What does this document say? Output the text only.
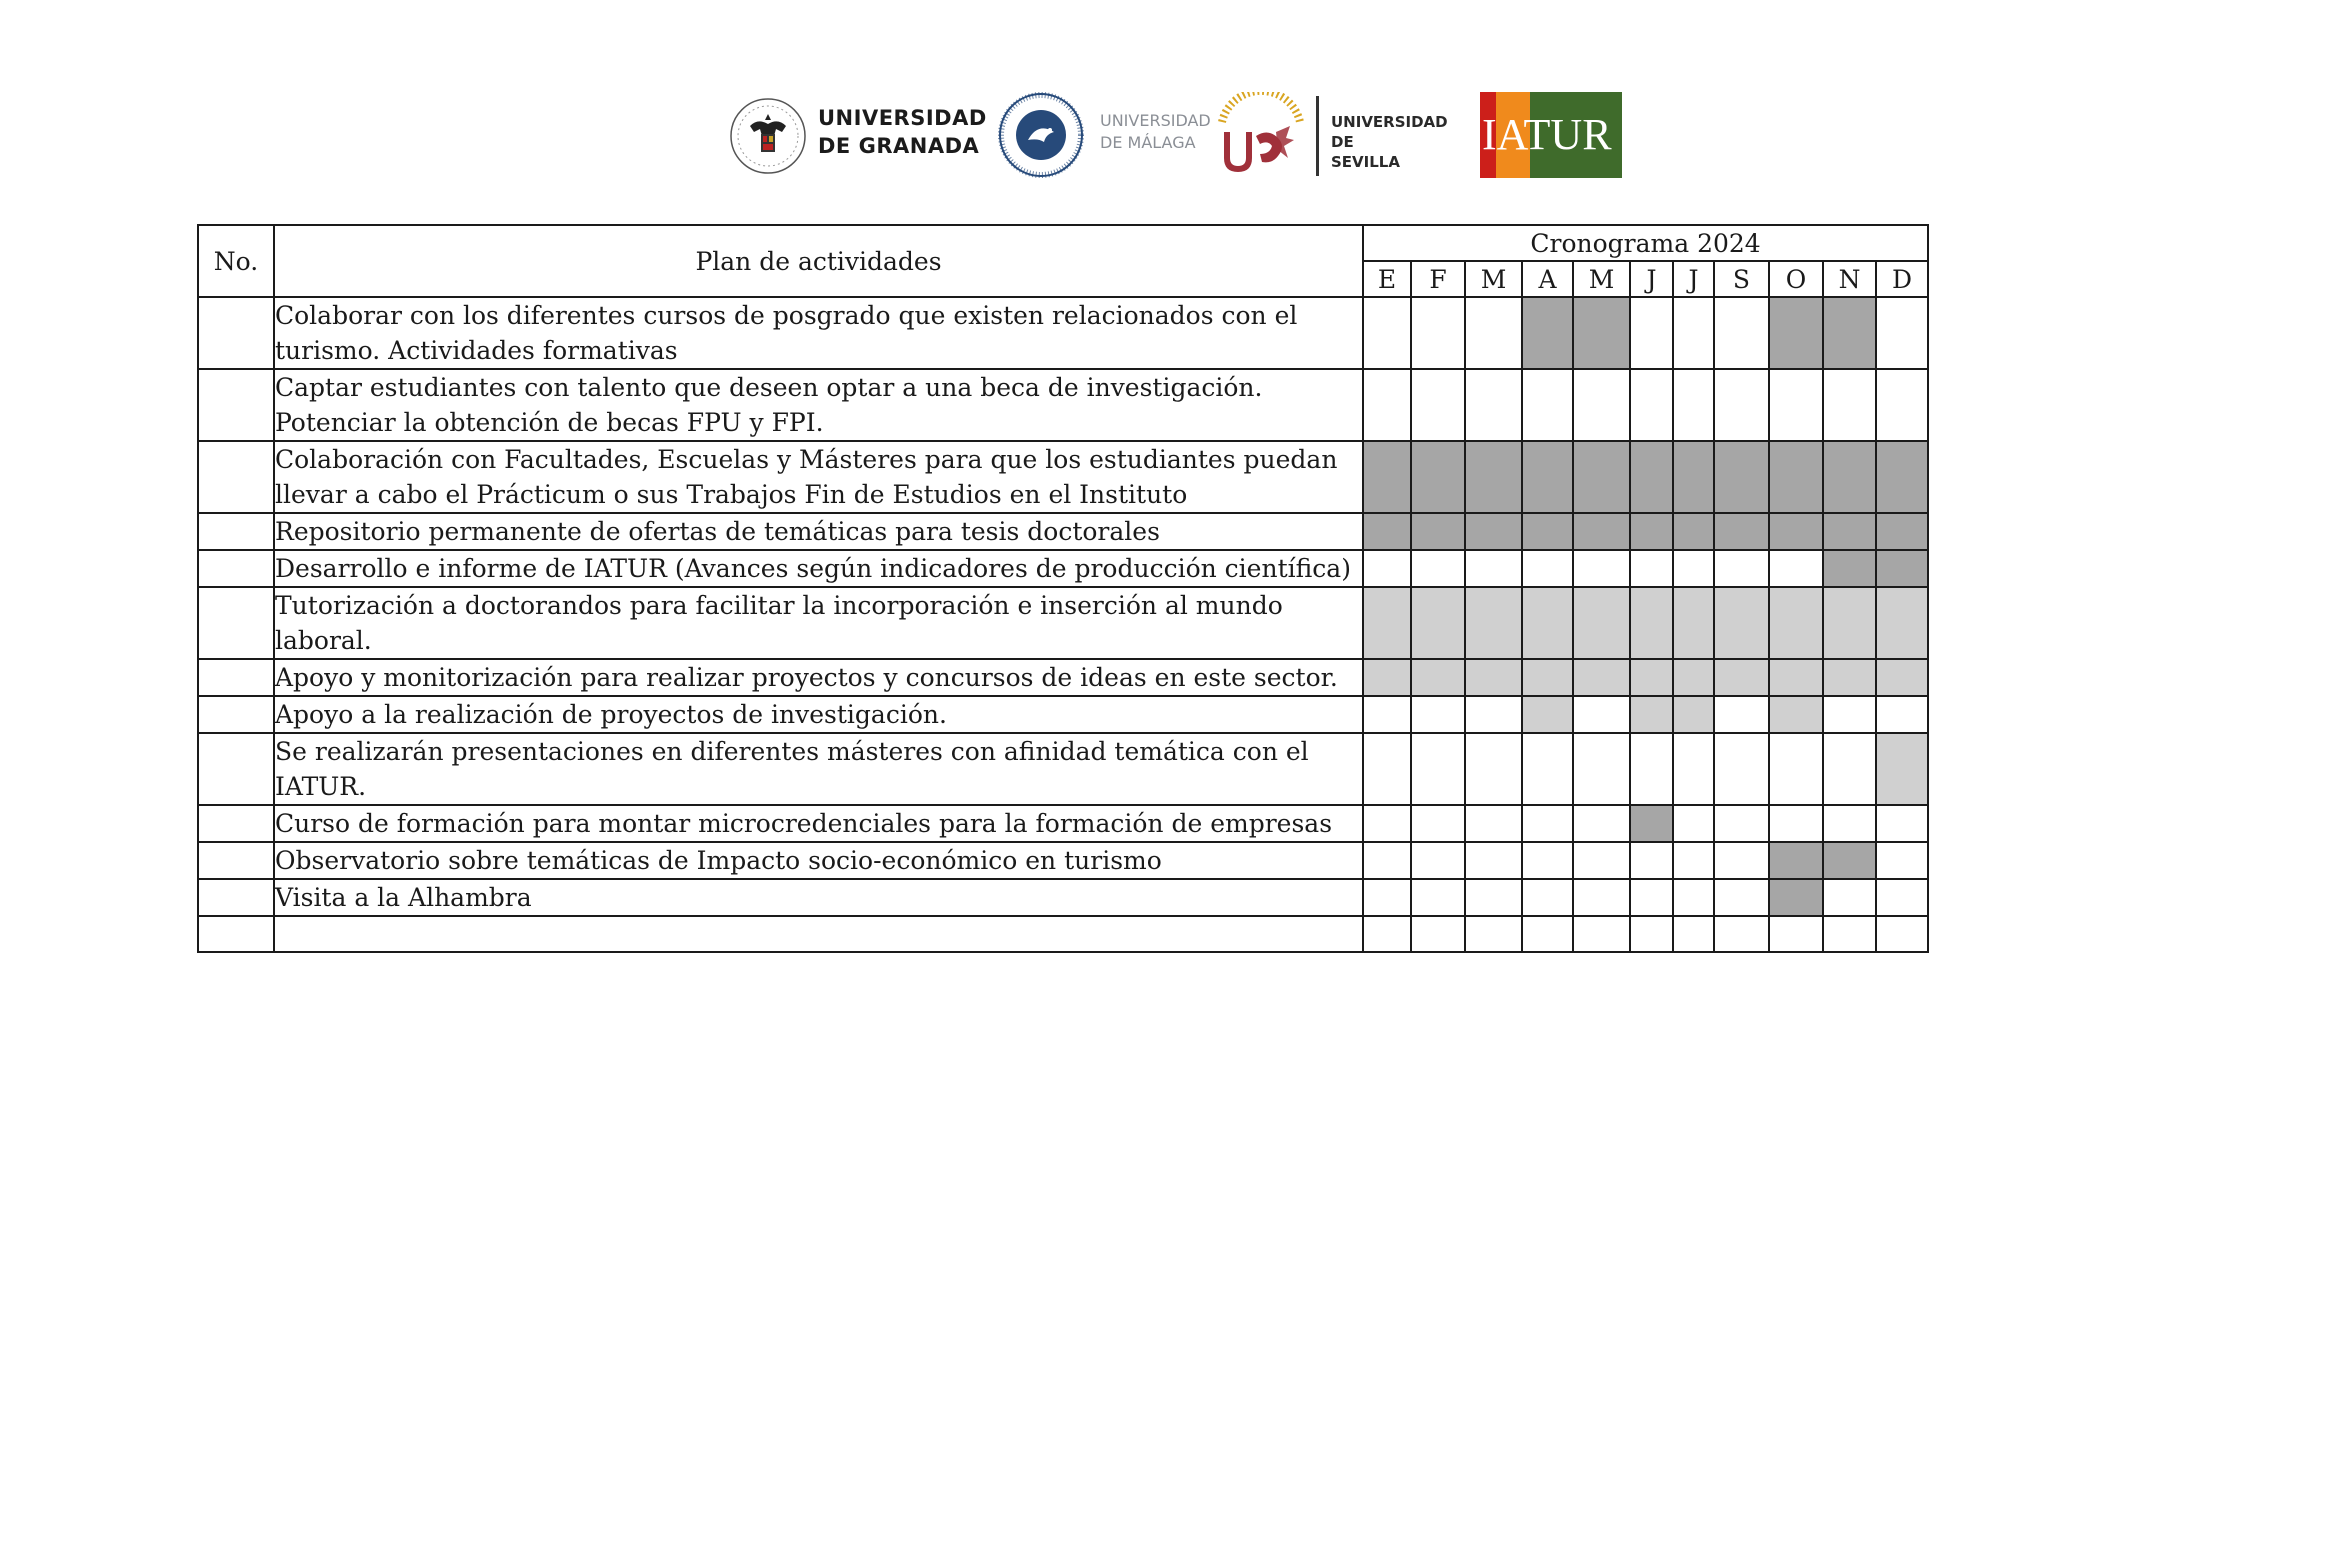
UNIVERSIDAD
DE GRANADA
UNIVERSIDAD
DE MÁLAGA
UNIVERSIDAD DE
SEVILLA
IATUR
No.	Plan de actividades	Cronograma 2024										
		E	F	M	A	M	J	J	S	O	N	D
	Colaborar con los diferentes cursos de posgrado que existen relacionados con el turismo. Actividades formativas											
	Captar estudiantes con talento que deseen optar a una beca de investigación. Potenciar la obtención de becas FPU y FPI.											
	Colaboración con Facultades, Escuelas y Másteres para que los estudiantes puedan llevar a cabo el Prácticum o sus Trabajos Fin de Estudios en el Instituto											
	Repositorio permanente de ofertas de temáticas para tesis doctorales											
	Desarrollo e informe de IATUR (Avances según indicadores de producción científica)											
	Tutorización a doctorandos para facilitar la incorporación e inserción al mundo laboral.											
	Apoyo y monitorización para realizar proyectos y concursos de ideas en este sector.											
	Apoyo a la realización de proyectos de investigación.											
	Se realizarán presentaciones en diferentes másteres con afinidad temática con el IATUR.											
	Curso de formación para montar microcredenciales para la formación de empresas											
	Observatorio sobre temáticas de Impacto socio-económico en turismo											
	Visita a la Alhambra											
